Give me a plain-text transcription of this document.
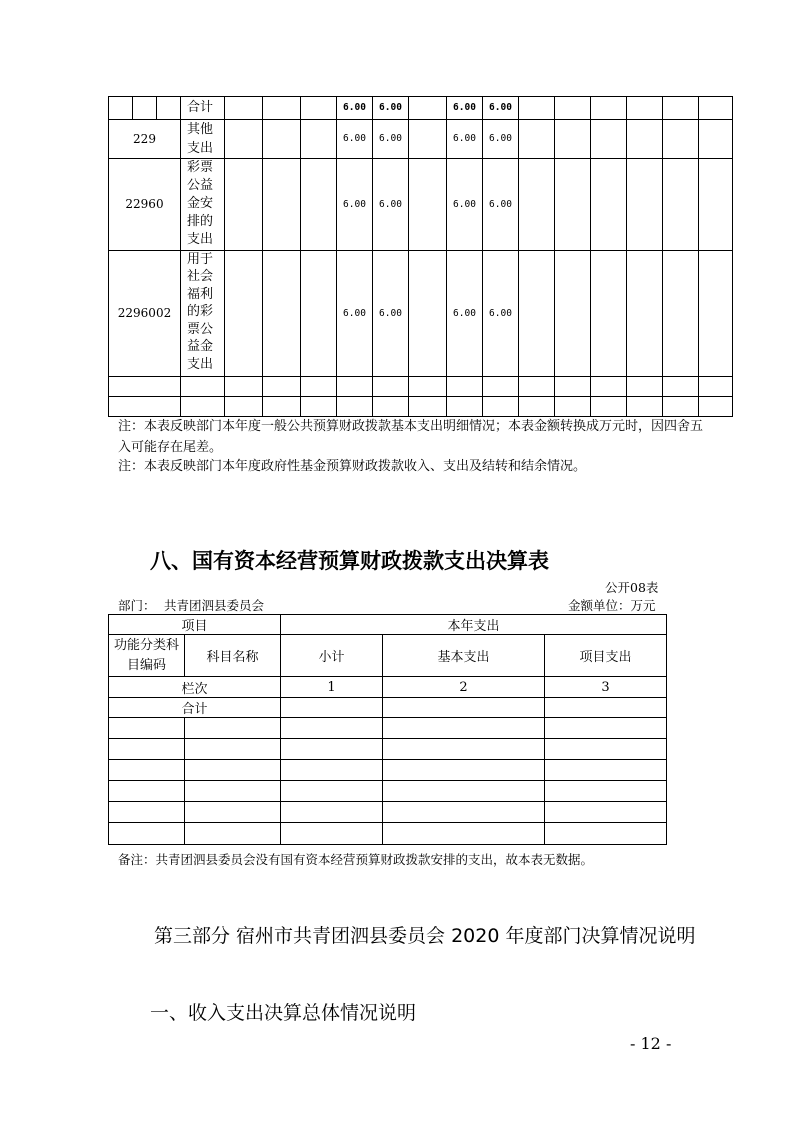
			合计				6.00	6.00		6.00	6.00						
229			其他支出				6.00	6.00		6.00	6.00						
22960			彩票公益金安排的支出				6.00	6.00		6.00	6.00						
2296002			用于社会福利的彩票公益金支出				6.00	6.00		6.00	6.00						

注：本表反映部门本年度一般公共预算财政拨款基本支出明细情况；本表金额转换成万元时，因四舍五入可能存在尾差。
注：本表反映部门本年度政府性基金预算财政拨款收入、支出及结转和结余情况。
八、国有资本经营预算财政拨款支出决算表
公开08表
部门： 共青团泗县委员会	金额单位：万元
项目		本年支出		

功能分类科目编码	科目名称	小计	基本支出	项目支出
栏次		1	2	3
合计				

备注：共青团泗县委员会没有国有资本经营预算财政拨款安排的支出，故本表无数据。
第三部分 宿州市共青团泗县委员会 2020 年度部门决算情况说明
一、收入支出决算总体情况说明
- 12 -
